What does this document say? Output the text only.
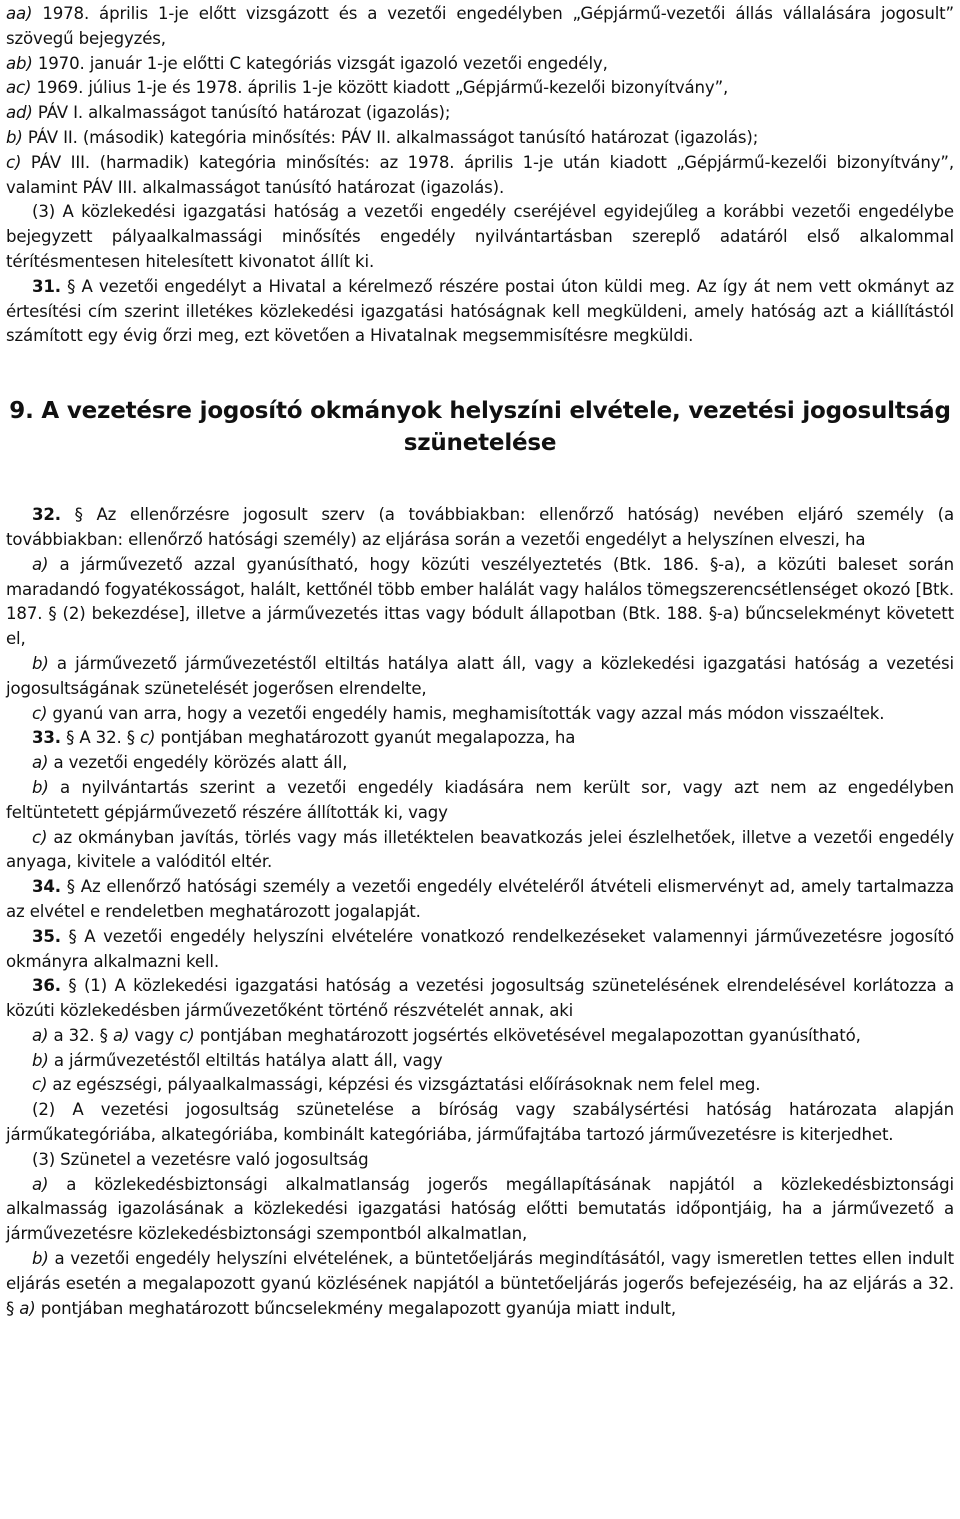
aa) 1978. április 1-je előtt vizsgázott és a vezetői engedélyben „Gépjármű-vezetői állás vállalására jogosult” szövegű bejegyzés,

ab) 1970. január 1-je előtti C kategóriás vizsgát igazoló vezetői engedély,

ac) 1969. július 1-je és 1978. április 1-je között kiadott „Gépjármű-kezelői bizonyítvány”,

ad) PÁV I. alkalmasságot tanúsító határozat (igazolás);

b) PÁV II. (második) kategória minősítés: PÁV II. alkalmasságot tanúsító határozat (igazolás);

c) PÁV III. (harmadik) kategória minősítés: az 1978. április 1-je után kiadott „Gépjármű-kezelői bizonyítvány”, valamint PÁV III. alkalmasságot tanúsító határozat (igazolás).

(3) A közlekedési igazgatási hatóság a vezetői engedély cseréjével egyidejűleg a korábbi vezetői engedélybe bejegyzett pályaalkalmassági minősítés engedély nyilvántartásban szereplő adatáról első alkalommal térítésmentesen hitelesített kivonatot állít ki.

31. § A vezetői engedélyt a Hivatal a kérelmező részére postai úton küldi meg. Az így át nem vett okmányt az értesítési cím szerint illetékes közlekedési igazgatási hatóságnak kell megküldeni, amely hatóság azt a kiállítástól számított egy évig őrzi meg, ezt követően a Hivatalnak megsemmisítésre megküldi.

9. A vezetésre jogosító okmányok helyszíni elvétele, vezetési jogosultság szünetelése

32. § Az ellenőrzésre jogosult szerv (a továbbiakban: ellenőrző hatóság) nevében eljáró személy (a továbbiakban: ellenőrző hatósági személy) az eljárása során a vezetői engedélyt a helyszínen elveszi, ha

a) a járművezető azzal gyanúsítható, hogy közúti veszélyeztetés (Btk. 186. §-a), a közúti baleset során maradandó fogyatékosságot, halált, kettőnél több ember halálát vagy halálos tömegszerencsétlenséget okozó [Btk. 187. § (2) bekezdése], illetve a járművezetés ittas vagy bódult állapotban (Btk. 188. §-a) bűncselekményt követett el,

b) a járművezető járművezetéstől eltiltás hatálya alatt áll, vagy a közlekedési igazgatási hatóság a vezetési jogosultságának szünetelését jogerősen elrendelte,

c) gyanú van arra, hogy a vezetői engedély hamis, meghamisították vagy azzal más módon visszaéltek.

33. § A 32. § c) pontjában meghatározott gyanút megalapozza, ha

a) a vezetői engedély körözés alatt áll,

b) a nyilvántartás szerint a vezetői engedély kiadására nem került sor, vagy azt nem az engedélyben feltüntetett gépjárművezető részére állították ki, vagy

c) az okmányban javítás, törlés vagy más illetéktelen beavatkozás jelei észlelhetőek, illetve a vezetői engedély anyaga, kivitele a valóditól eltér.

34. § Az ellenőrző hatósági személy a vezetői engedély elvételéről átvételi elismervényt ad, amely tartalmazza az elvétel e rendeletben meghatározott jogalapját.

35. § A vezetői engedély helyszíni elvételére vonatkozó rendelkezéseket valamennyi járművezetésre jogosító okmányra alkalmazni kell.

36. § (1) A közlekedési igazgatási hatóság a vezetési jogosultság szünetelésének elrendelésével korlátozza a közúti közlekedésben járművezetőként történő részvételét annak, aki

a) a 32. § a) vagy c) pontjában meghatározott jogsértés elkövetésével megalapozottan gyanúsítható,

b) a járművezetéstől eltiltás hatálya alatt áll, vagy

c) az egészségi, pályaalkalmassági, képzési és vizsgáztatási előírásoknak nem felel meg.

(2) A vezetési jogosultság szünetelése a bíróság vagy szabálysértési hatóság határozata alapján járműkategóriába, alkategóriába, kombinált kategóriába, járműfajtába tartozó járművezetésre is kiterjedhet.

(3) Szünetel a vezetésre való jogosultság

a) a közlekedésbiztonsági alkalmatlanság jogerős megállapításának napjától a közlekedésbiztonsági alkalmasság igazolásának a közlekedési igazgatási hatóság előtti bemutatás időpontjáig, ha a járművezető a járművezetésre közlekedésbiztonsági szempontból alkalmatlan,

b) a vezetői engedély helyszíni elvételének, a büntetőeljárás megindításától, vagy ismeretlen tettes ellen indult eljárás esetén a megalapozott gyanú közlésének napjától a büntetőeljárás jogerős befejezéséig, ha az eljárás a 32. § a) pontjában meghatározott bűncselekmény megalapozott gyanúja miatt indult,
